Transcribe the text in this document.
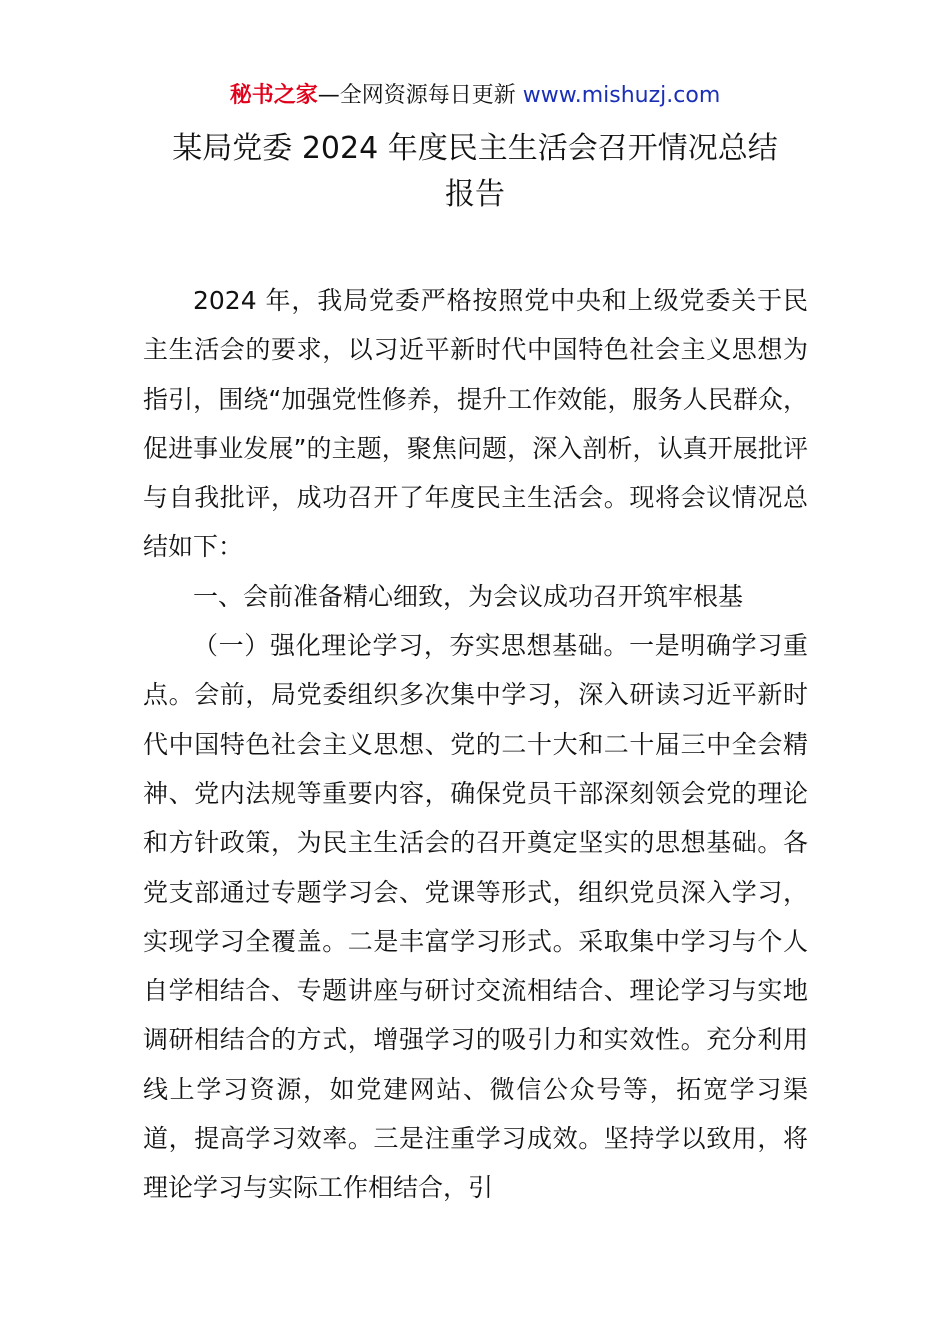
秘书之家—全网资源每日更新 www.mishuzj.com
某局党委 2024 年度民主生活会召开情况总结
报告

2024 年，我局党委严格按照党中央和上级党委关于民主生活会的要求，以习近平新时代中国特色社会主义思想为指引，围绕“加强党性修养，提升工作效能，服务人民群众，促进事业发展”的主题，聚焦问题，深入剖析，认真开展批评与自我批评，成功召开了年度民主生活会。现将会议情况总结如下：

一、会前准备精心细致，为会议成功召开筑牢根基

（一）强化理论学习，夯实思想基础。一是明确学习重点。会前，局党委组织多次集中学习，深入研读习近平新时代中国特色社会主义思想、党的二十大和二十届三中全会精神、党内法规等重要内容，确保党员干部深刻领会党的理论和方针政策，为民主生活会的召开奠定坚实的思想基础。各党支部通过专题学习会、党课等形式，组织党员深入学习，实现学习全覆盖。二是丰富学习形式。采取集中学习与个人自学相结合、专题讲座与研讨交流相结合、理论学习与实地调研相结合的方式，增强学习的吸引力和实效性。充分利用线上学习资源，如党建网站、微信公众号等，拓宽学习渠道，提高学习效率。三是注重学习成效。坚持学以致用，将理论学习与实际工作相结合，引
